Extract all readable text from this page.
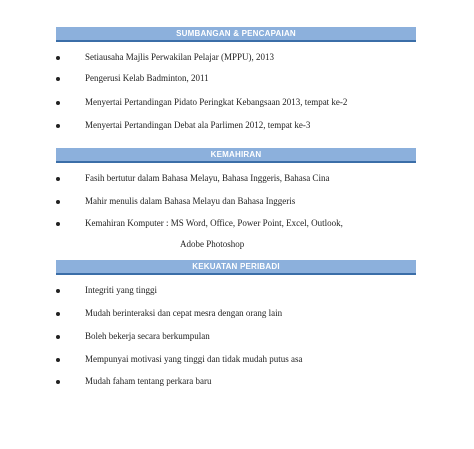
SUMBANGAN & PENCAPAIAN
Setiausaha Majlis Perwakilan Pelajar (MPPU), 2013
Pengerusi Kelab Badminton, 2011
Menyertai Pertandingan Pidato Peringkat Kebangsaan 2013, tempat ke-2
Menyertai Pertandingan Debat ala Parlimen 2012, tempat ke-3
KEMAHIRAN
Fasih bertutur dalam Bahasa Melayu, Bahasa Inggeris, Bahasa Cina
Mahir menulis dalam Bahasa Melayu dan Bahasa Inggeris
Kemahiran Komputer : MS Word, Office, Power Point, Excel, Outlook,
Adobe Photoshop
KEKUATAN PERIBADI
Integriti yang tinggi
Mudah berinteraksi dan cepat mesra dengan orang lain
Boleh bekerja secara berkumpulan
Mempunyai motivasi yang tinggi dan tidak mudah putus asa
Mudah faham tentang perkara baru
